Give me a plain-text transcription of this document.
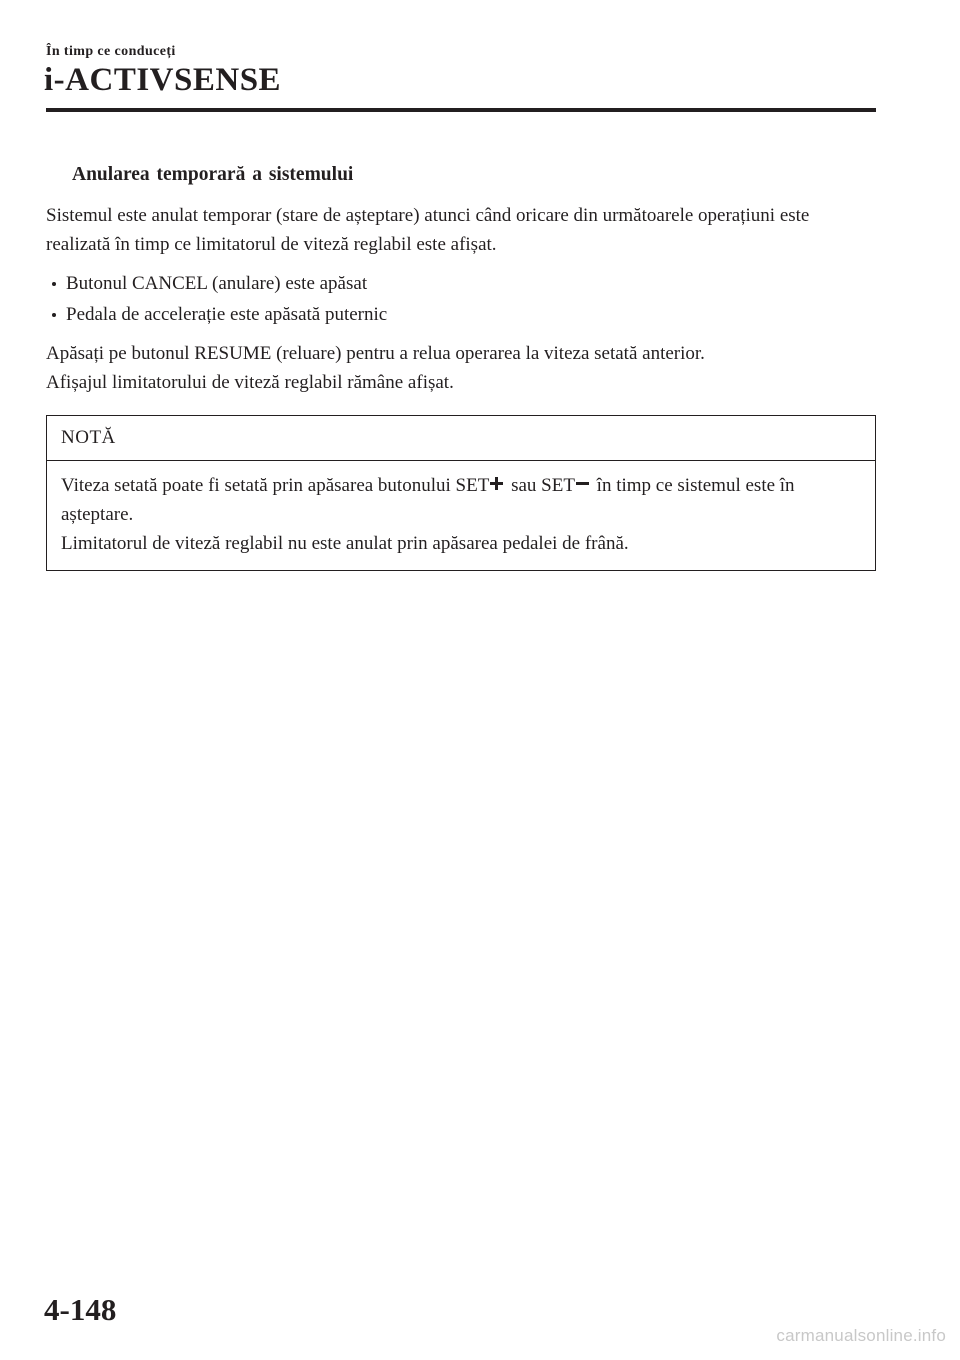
În timp ce conduceți
i-ACTIVSENSE

Anularea temporară a sistemului

Sistemul este anulat temporar (stare de așteptare) atunci când oricare din următoarele operațiuni este realizată în timp ce limitatorul de viteză reglabil este afișat.

Butonul CANCEL (anulare) este apăsat
Pedala de accelerație este apăsată puternic

Apăsați pe butonul RESUME (reluare) pentru a relua operarea la viteza setată anterior.
Afișajul limitatorului de viteză reglabil rămâne afișat.

NOTĂ
Viteza setată poate fi setată prin apăsarea butonului SET sau SET în timp ce sistemul este în așteptare.
Limitatorul de viteză reglabil nu este anulat prin apăsarea pedalei de frână.
4-148
carmanualsonline.info
